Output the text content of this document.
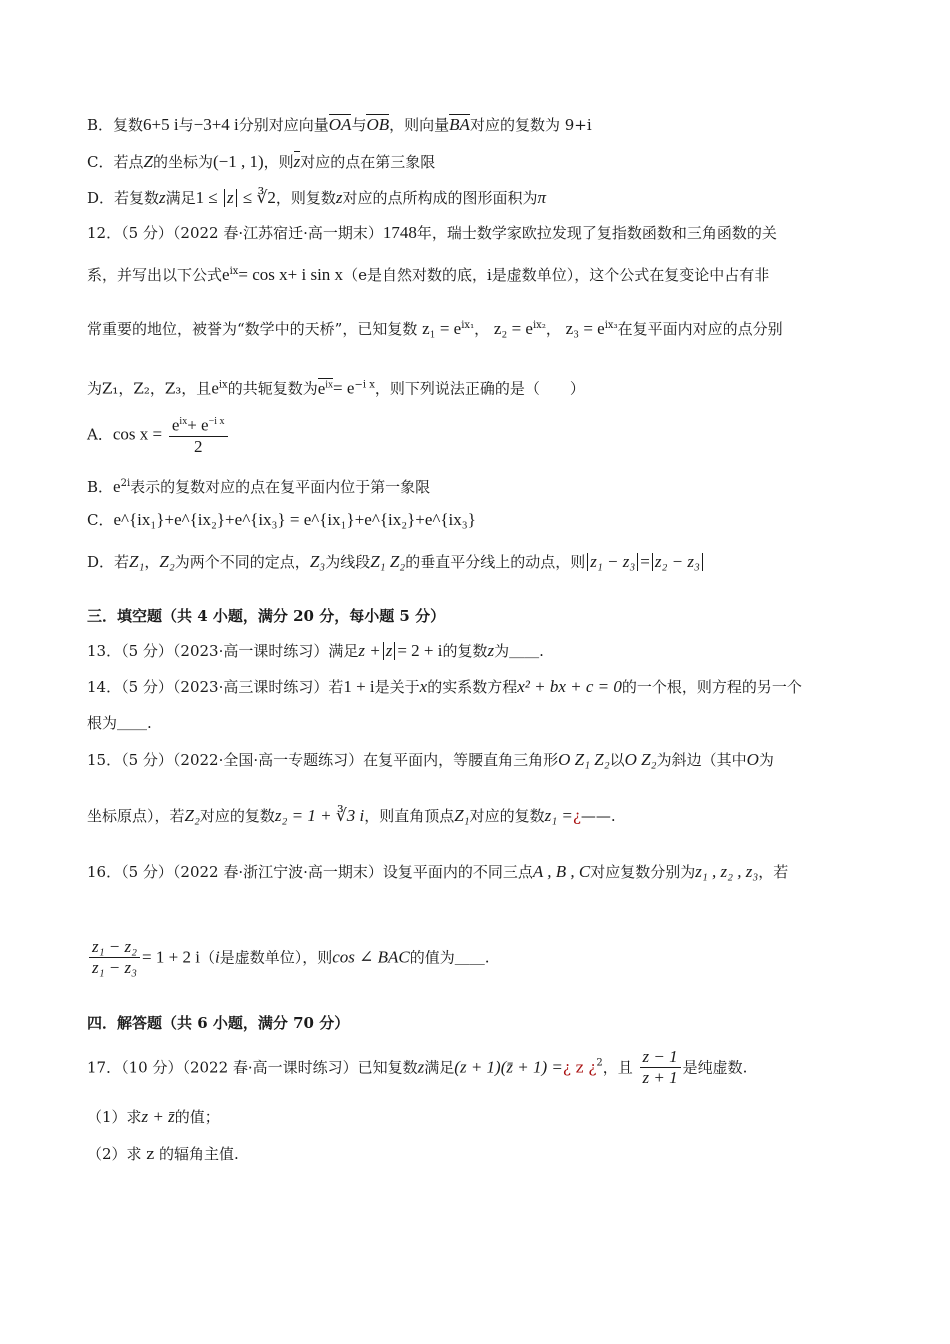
B．复数6+5 i与−3+4 i分别对应向量OA与OB，则向量BA对应的复数为 9+i
C．若点Z的坐标为(−1 , 1)，则z对应的点在第三象限
D．若复数z满足1 ≤ z ≤ ∛2，则复数z对应的点所构成的图形面积为π
12．（5 分）（2022 春·江苏宿迁·高一期末）1748年，瑞士数学家欧拉发现了复指数函数和三角函数的关
系，并写出以下公式$e^{ix}= \cos x+ i$ sin x（e是自然对数的底，i是虚数单位），这个公式在复变论中占有非
常重要的地位，被誉为“数学中的天桥”，已知复数 $z_1 = e^{ix_1}$， $z_2 = e^{ix_2}$， $z_3 = e^{ix_3}$在复平面内对应的点分别
为Z₁，Z₂，Z₃，且$e^{ix}$的共轭复数为$e^{ix}= e^{-i x}$，则下列说法正确的是（　　）
A．$\cos x = \frac{e^{ix}+ e^{-i x}}{2}$
B．$e^{2i}$表示的复数对应的点在复平面内位于第一象限
C．e^{ix₁}+e^{ix₂}+e^{ix₃} = e^{ix₁}+e^{ix₂}+e^{ix₃}
D．若Z₁，Z₂为两个不同的定点，Z₃为线段Z₁ Z₂的垂直平分线上的动点，则 z₁ − z₃ = z₂ − z₃
三．填空题（共 4 小题，满分 20 分，每小题 5 分）
13．（5 分）（2023·高一课时练习）满足z + z = 2 + i的复数z为＿＿.
14．（5 分）（2023·高三课时练习）若1 + i是关于x的实系数方程x² + bx + c = 0的一个根，则方程的另一个
根为＿＿.
15．（5 分）（2022·全国·高一专题练习）在复平面内，等腰直角三角形O Z₁ Z₂以O Z₂为斜边（其中O为
坐标原点），若Z₂对应的复数z₂ = 1 + ∛3 i，则直角顶点Z₁对应的复数z₁ =¿——.
16．（5 分）（2022 春·浙江宁波·高一期末）设复平面内的不同三点A , B , C对应复数分别为z₁ , z₂ , z₃，若
$\frac{\text{z₁ − z₂}}{\text{z₁ − z₃}} = 1 + 2$ i（i是虚数单位），则cos ∠ BAC的值为＿＿.
四．解答题（共 6 小题，满分 70 分）
17．（10 分）（2022 春·高一课时练习）已知复数z满足(z + 1)(z̄ + 1) =¿ z ¿$^2$，且 $\frac{z - 1}{z + 1}$ 是纯虚数.
（1）求z + z̄的值；
（2）求 z 的辐角主值.
